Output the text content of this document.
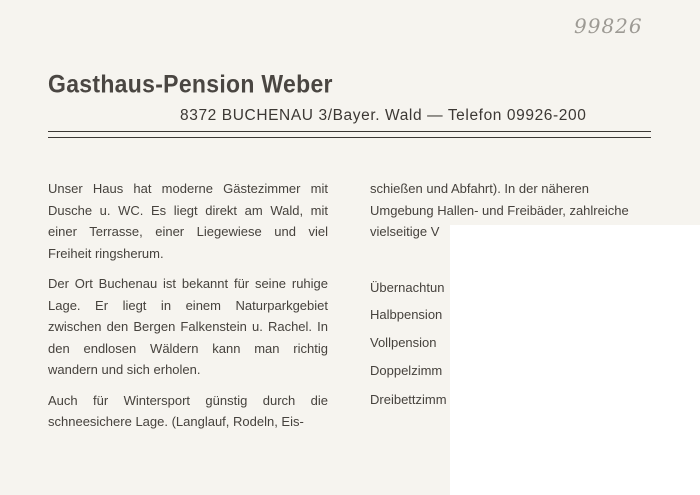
99826
Gasthaus-Pension Weber
8372 BUCHENAU 3/Bayer. Wald — Telefon 09926-200

Unser Haus hat moderne Gästezimmer mit Dusche u. WC. Es liegt direkt am Wald, mit einer Terrasse, einer Liegewiese und viel Freiheit ringsherum.

Der Ort Buchenau ist bekannt für seine ruhige Lage. Er liegt in einem Naturparkgebiet zwischen den Bergen Falkenstein u. Rachel. In den endlosen Wäldern kann man richtig wandern und sich erholen.

Auch für Wintersport günstig durch die schneesichere Lage. (Langlauf, Rodeln, Eis-

schießen und Abfahrt). In der näheren Umgebung Hallen- und Freibäder, zahlreiche vielseitige V

Übernachtun
Halbpension
Vollpension
Doppelzimm
Dreibettzimm
